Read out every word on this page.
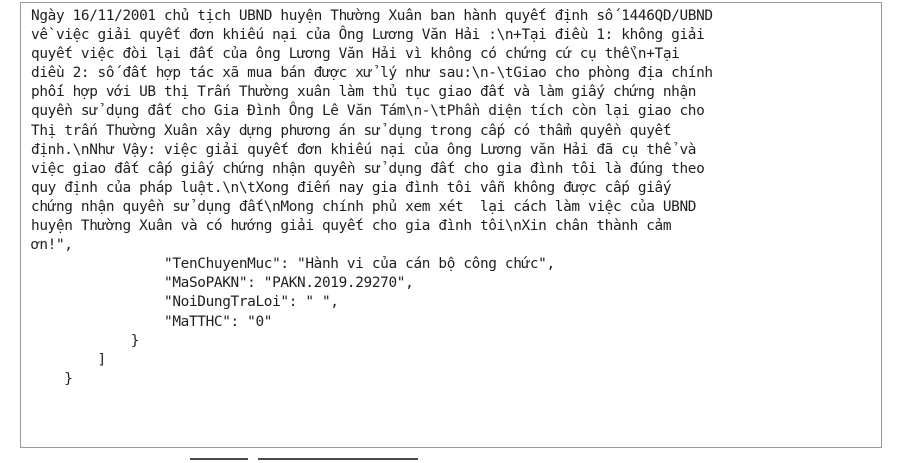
Ngày 16/11/2001 chủ tịch UBND huyện Thường Xuân ban hành quyết định số 1446QD/UBND
về việc giải quyết đơn khiếu nại của Ông Lương Văn Hải :\n+Tại điều 1: không giải
quyết việc đòi lại đất của ông Lương Văn Hải vì không có chứng cứ cụ thể\n+Tại
diều 2: số đất hợp tác xã mua bán được xử lý như sau:\n-\tGiao cho phòng địa chính
phối hợp với UB thị Trấn Thường xuân làm thủ tục giao đất và làm giấy chứng nhận
quyền sử dụng đất cho Gia Đình Ông Lê Văn Tám\n-\tPhần diện tích còn lại giao cho
Thị trấn Thường Xuân xây dựng phương án sử dụng trong cấp có thẩm quyền quyết
định.\nNhư Vậy: việc giải quyết đơn khiếu nại của ông Lương văn Hải đã cụ thể và
việc giao đất cấp giấy chứng nhận quyền sử dụng đất cho gia đình tôi là đúng theo
quy định của pháp luật.\n\tXong điến nay gia đình tôi vẫn không được cấp giấy
chứng nhận quyền sử dụng đất\nMong chính phủ xem xét  lại cách làm việc của UBND
huyện Thường Xuân và có hướng giải quyết cho gia đình tôi\nXin chân thành cảm
ơn!",
"TenChuyenMuc": "Hành vi của cán bộ công chức",
"MaSoPAKN": "PAKN.2019.29270",
"NoiDungTraLoi": " ",
"MaTTHC": "0"
}
]
}
